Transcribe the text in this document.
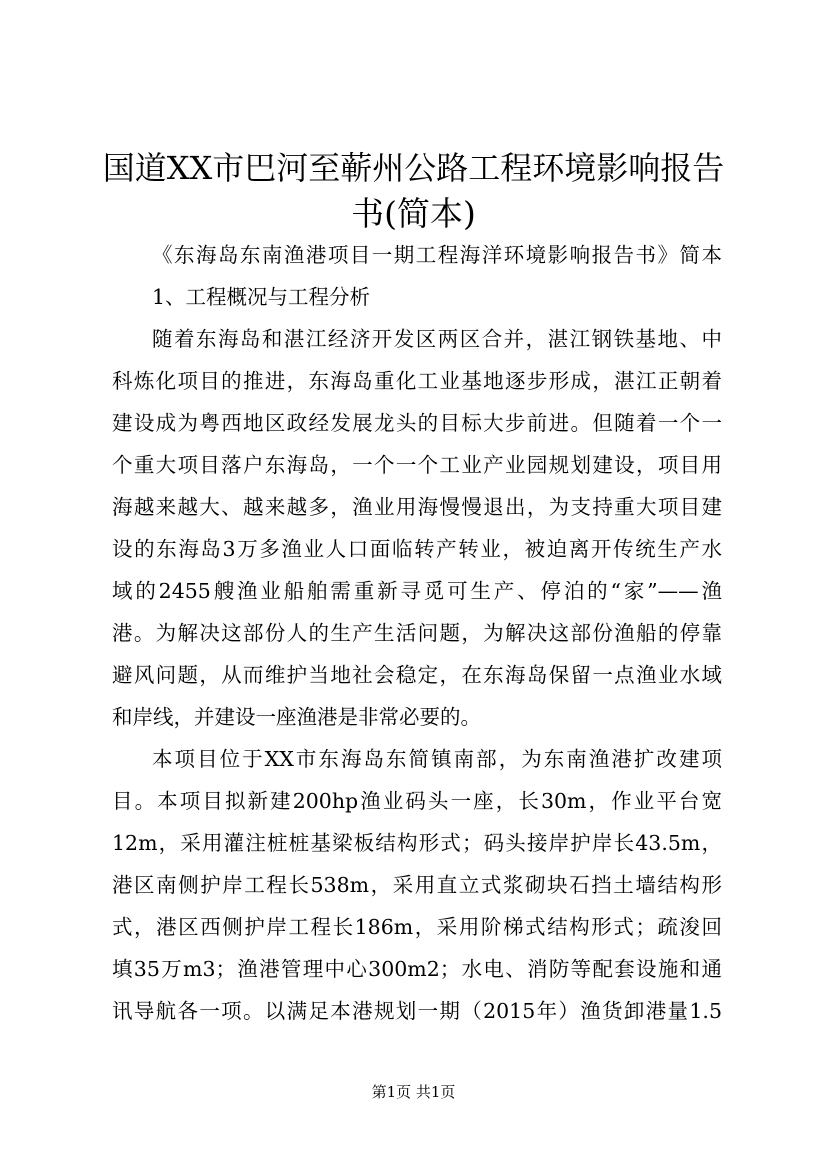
国道XX市巴河至蕲州公路工程环境影响报告
书(简本)
《东海岛东南渔港项目一期工程海洋环境影响报告书》简本
1、工程概况与工程分析
随着东海岛和湛江经济开发区两区合并，湛江钢铁基地、中
科炼化项目的推进，东海岛重化工业基地逐步形成，湛江正朝着
建设成为粤西地区政经发展龙头的目标大步前进。但随着一个一
个重大项目落户东海岛，一个一个工业产业园规划建设，项目用
海越来越大、越来越多，渔业用海慢慢退出，为支持重大项目建
设的东海岛3万多渔业人口面临转产转业，被迫离开传统生产水
域的2455艘渔业船舶需重新寻觅可生产、停泊的“家”——渔
港。为解决这部份人的生产生活问题，为解决这部份渔船的停靠
避风问题，从而维护当地社会稳定，在东海岛保留一点渔业水域
和岸线，并建设一座渔港是非常必要的。
本项目位于XX市东海岛东简镇南部，为东南渔港扩改建项
目。本项目拟新建200hp渔业码头一座，长30m，作业平台宽
12m，采用灌注桩桩基梁板结构形式；码头接岸护岸长43.5m，
港区南侧护岸工程长538m，采用直立式浆砌块石挡土墙结构形
式，港区西侧护岸工程长186m，采用阶梯式结构形式；疏浚回
填35万m3；渔港管理中心300m2；水电、消防等配套设施和通
讯导航各一项。以满足本港规划一期（2015年）渔货卸港量1.5
第1页 共1页
